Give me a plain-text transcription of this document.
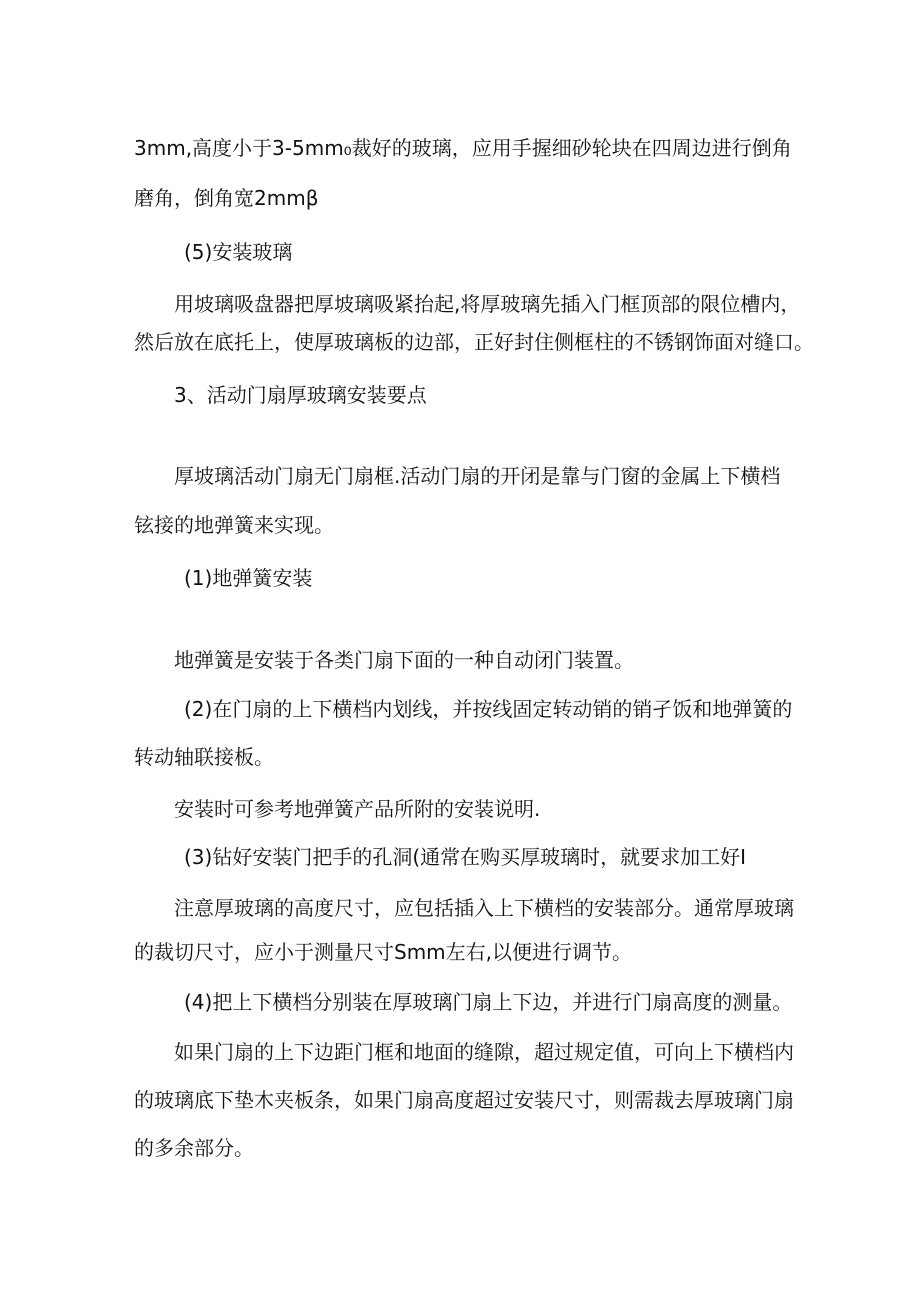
3mm,高度小于3-5mm₀裁好的玻璃，应用手握细砂轮块在四周边进行倒角
磨角，倒角宽2mmβ
(5)安装玻璃
用坡璃吸盘器把厚坡璃吸紧抬起,将厚玻璃先插入门框顶部的限位槽内，
然后放在底托上，使厚玻璃板的边部，正好封住侧框柱的不锈钢饰面对缝口。
3、活动门扇厚玻璃安装要点
厚坡璃活动门扇无门扇框.活动门扇的开闭是靠与门窗的金属上下横档
铉接的地弹簧来实现。
(1)地弹簧安装
地弹簧是安装于各类门扇下面的一种自动闭门装置。
(2)在门扇的上下横档内划线，并按线固定转动销的销孑饭和地弹簧的
转动轴联接板。
安装时可参考地弹簧产品所附的安装说明.
(3)钻好安装门把手的孔洞(通常在购买厚玻璃时，就要求加工好I
注意厚玻璃的高度尺寸，应包括插入上下横档的安装部分。通常厚玻璃
的裁切尺寸，应小于测量尺寸Smm左右,以便进行调节。
(4)把上下横档分别装在厚玻璃门扇上下边，并进行门扇高度的测量。
如果门扇的上下边距门框和地面的缝隙，超过规定值，可向上下横档内
的玻璃底下垫木夹板条，如果门扇高度超过安装尺寸，则需裁去厚玻璃门扇
的多余部分。
